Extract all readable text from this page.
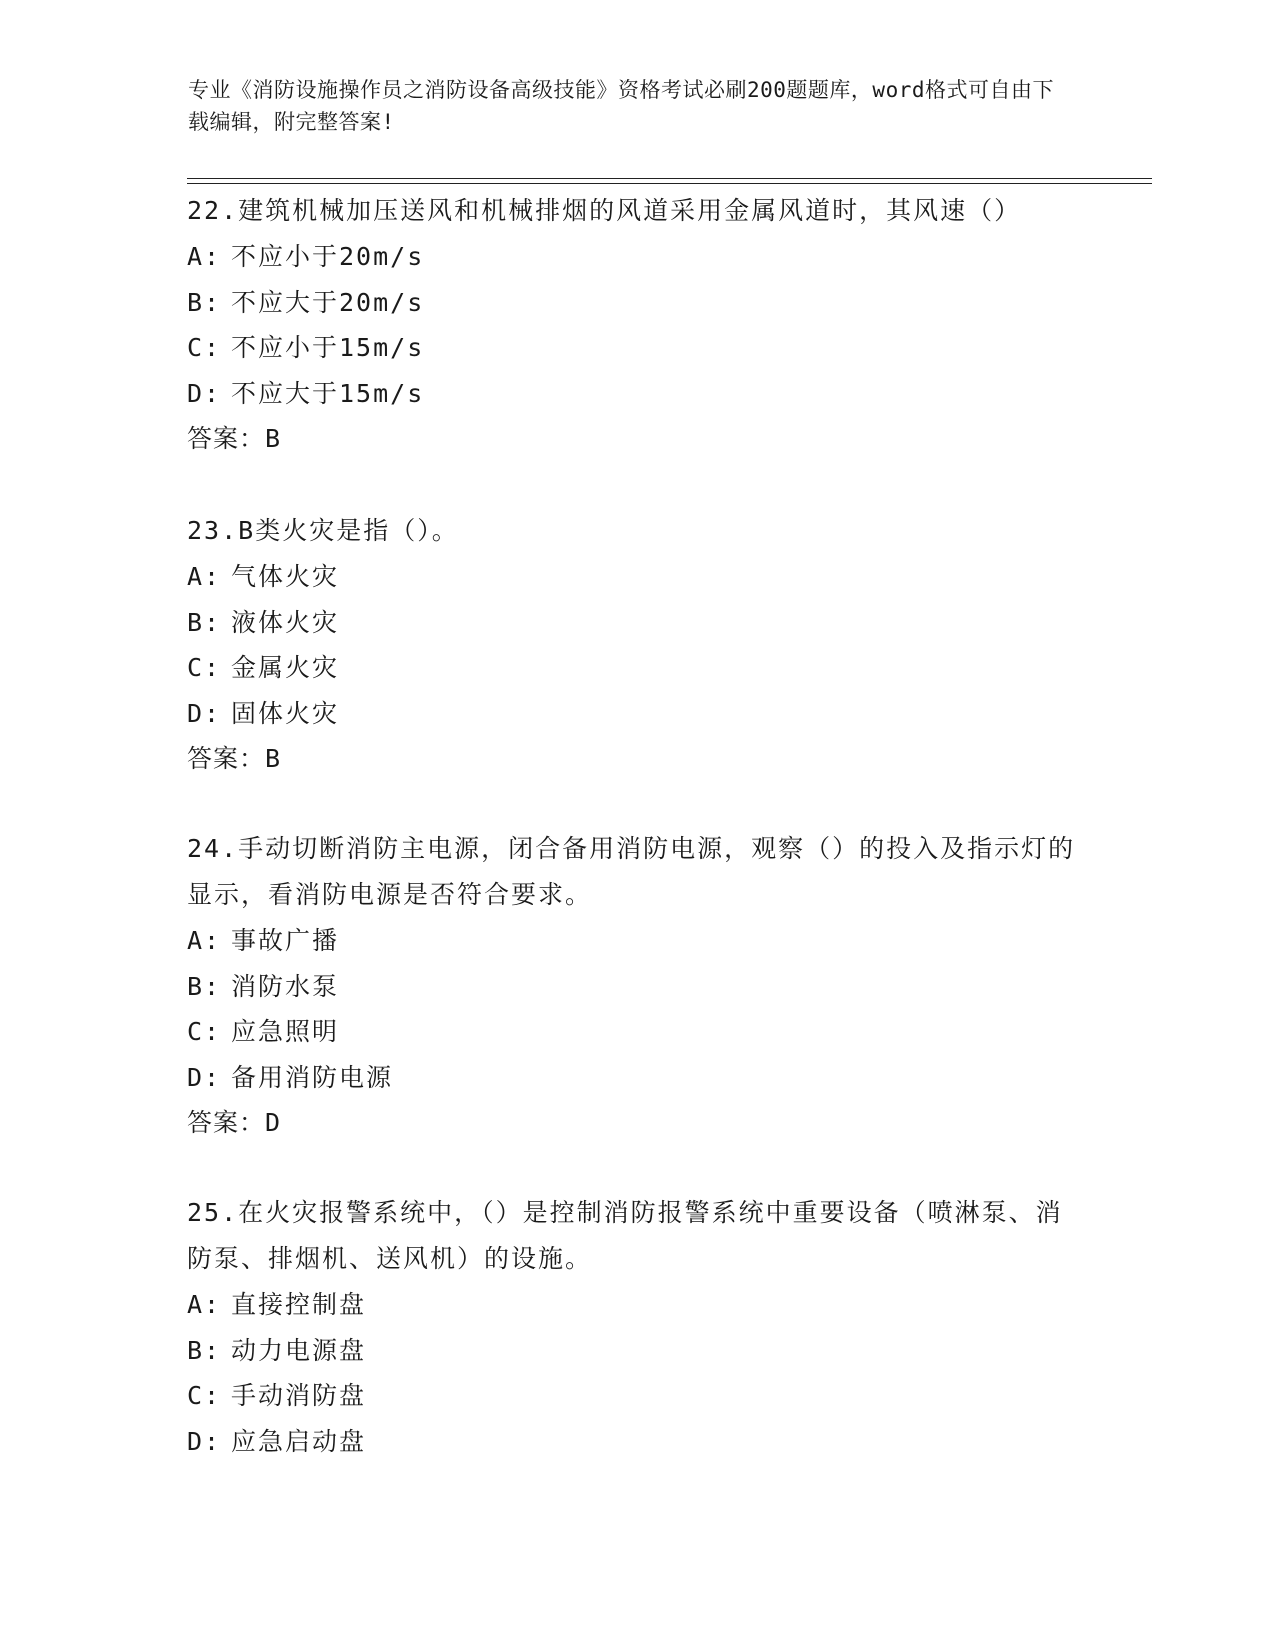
专业《消防设施操作员之消防设备高级技能》资格考试必刷200题题库，word格式可自由下载编辑，附完整答案!
22.建筑机械加压送风和机械排烟的风道采用金属风道时，其风速（）
A: 不应小于20m/s
B: 不应大于20m/s
C: 不应小于15m/s
D: 不应大于15m/s
答案：B
23.B类火灾是指（）。
A: 气体火灾
B: 液体火灾
C: 金属火灾
D: 固体火灾
答案：B
24.手动切断消防主电源，闭合备用消防电源，观察（）的投入及指示灯的显示，看消防电源是否符合要求。
A: 事故广播
B: 消防水泵
C: 应急照明
D: 备用消防电源
答案：D
25.在火灾报警系统中，（）是控制消防报警系统中重要设备（喷淋泵、消防泵、排烟机、送风机）的设施。
A: 直接控制盘
B: 动力电源盘
C: 手动消防盘
D: 应急启动盘
